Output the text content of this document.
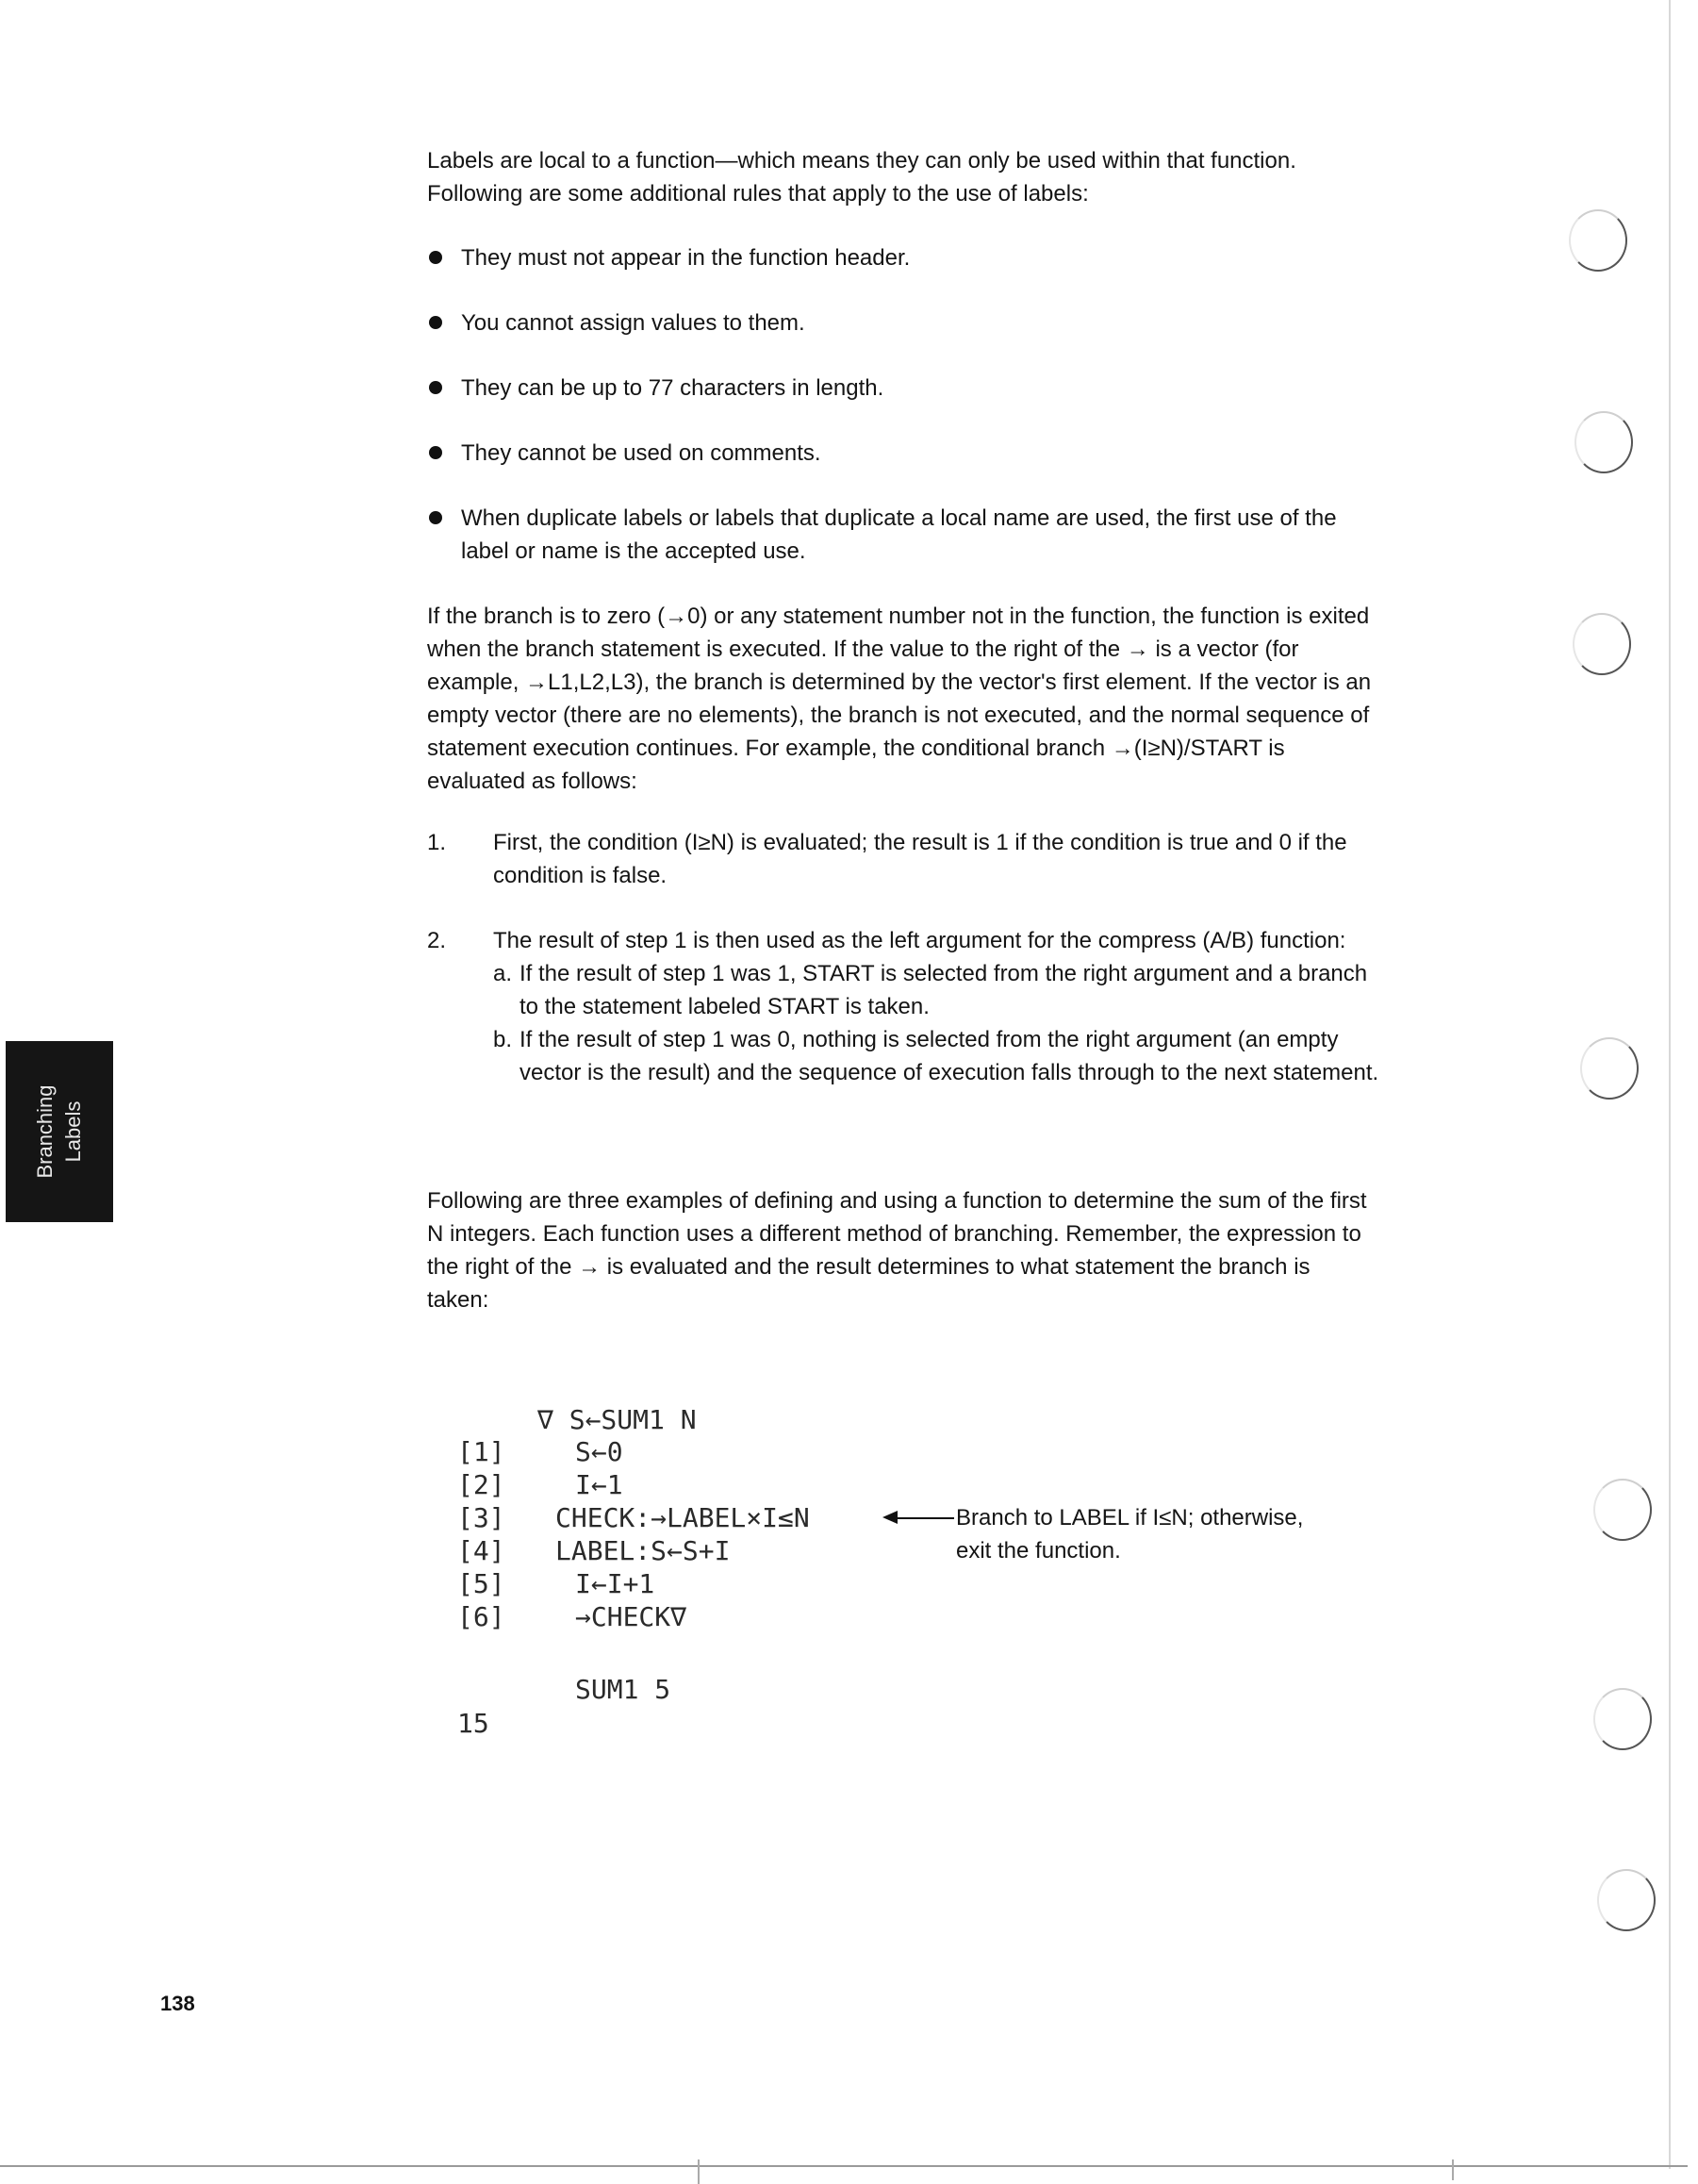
Labels are local to a function—which means they can only be used within that function. Following are some additional rules that apply to the use of labels:
They must not appear in the function header.
You cannot assign values to them.
They can be up to 77 characters in length.
They cannot be used on comments.
When duplicate labels or labels that duplicate a local name are used, the first use of the label or name is the accepted use.
If the branch is to zero (→0) or any statement number not in the function, the function is exited when the branch statement is executed. If the value to the right of the → is a vector (for example, →L1,L2,L3), the branch is determined by the vector's first element. If the vector is an empty vector (there are no elements), the branch is not executed, and the normal sequence of statement execution continues. For example, the conditional branch →(I≥N)/START is evaluated as follows:
1. First, the condition (I≥N) is evaluated; the result is 1 if the condition is true and 0 if the condition is false.
2. The result of step 1 is then used as the left argument for the compress (A/B) function:
a. If the result of step 1 was 1, START is selected from the right argument and a branch to the statement labeled START is taken.
b. If the result of step 1 was 0, nothing is selected from the right argument (an empty vector is the result) and the sequence of execution falls through to the next statement.
Following are three examples of defining and using a function to determine the sum of the first N integers. Each function uses a different method of branching. Remember, the expression to the right of the → is evaluated and the result determines to what statement the branch is taken:
∇ S←SUM1 N
[1]	S←0
[2]	I←1
[3] CHECK:→LABEL×I≤N
[4] LABEL:S←S+I
[5]	I←I+1
[6]	→CHECK∇
SUM1 5
15
Branch to LABEL if I≤N; otherwise,
exit the function.
Branching Labels
138
